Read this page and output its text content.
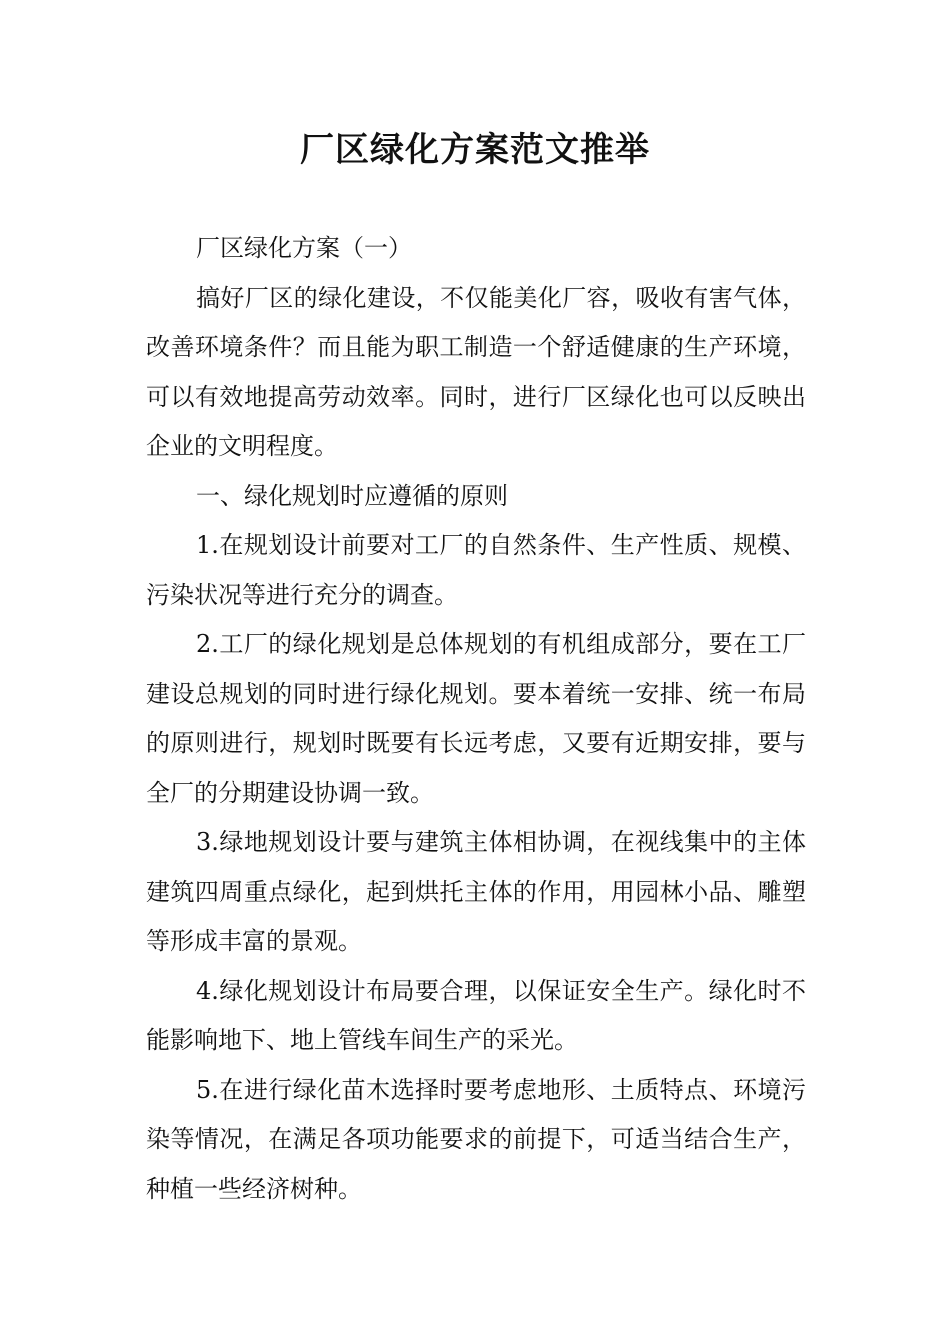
厂区绿化方案范文推举

厂区绿化方案（一）

搞好厂区的绿化建设，不仅能美化厂容，吸收有害气体，改善环境条件？而且能为职工制造一个舒适健康的生产环境，可以有效地提高劳动效率。同时，进行厂区绿化也可以反映出企业的文明程度。

一、绿化规划时应遵循的原则

1.在规划设计前要对工厂的自然条件、生产性质、规模、污染状况等进行充分的调查。

2.工厂的绿化规划是总体规划的有机组成部分，要在工厂建设总规划的同时进行绿化规划。要本着统一安排、统一布局的原则进行，规划时既要有长远考虑，又要有近期安排，要与全厂的分期建设协调一致。

3.绿地规划设计要与建筑主体相协调，在视线集中的主体建筑四周重点绿化，起到烘托主体的作用，用园林小品、雕塑等形成丰富的景观。

4.绿化规划设计布局要合理，以保证安全生产。绿化时不能影响地下、地上管线车间生产的采光。

5.在进行绿化苗木选择时要考虑地形、土质特点、环境污染等情况，在满足各项功能要求的前提下，可适当结合生产，种植一些经济树种。
